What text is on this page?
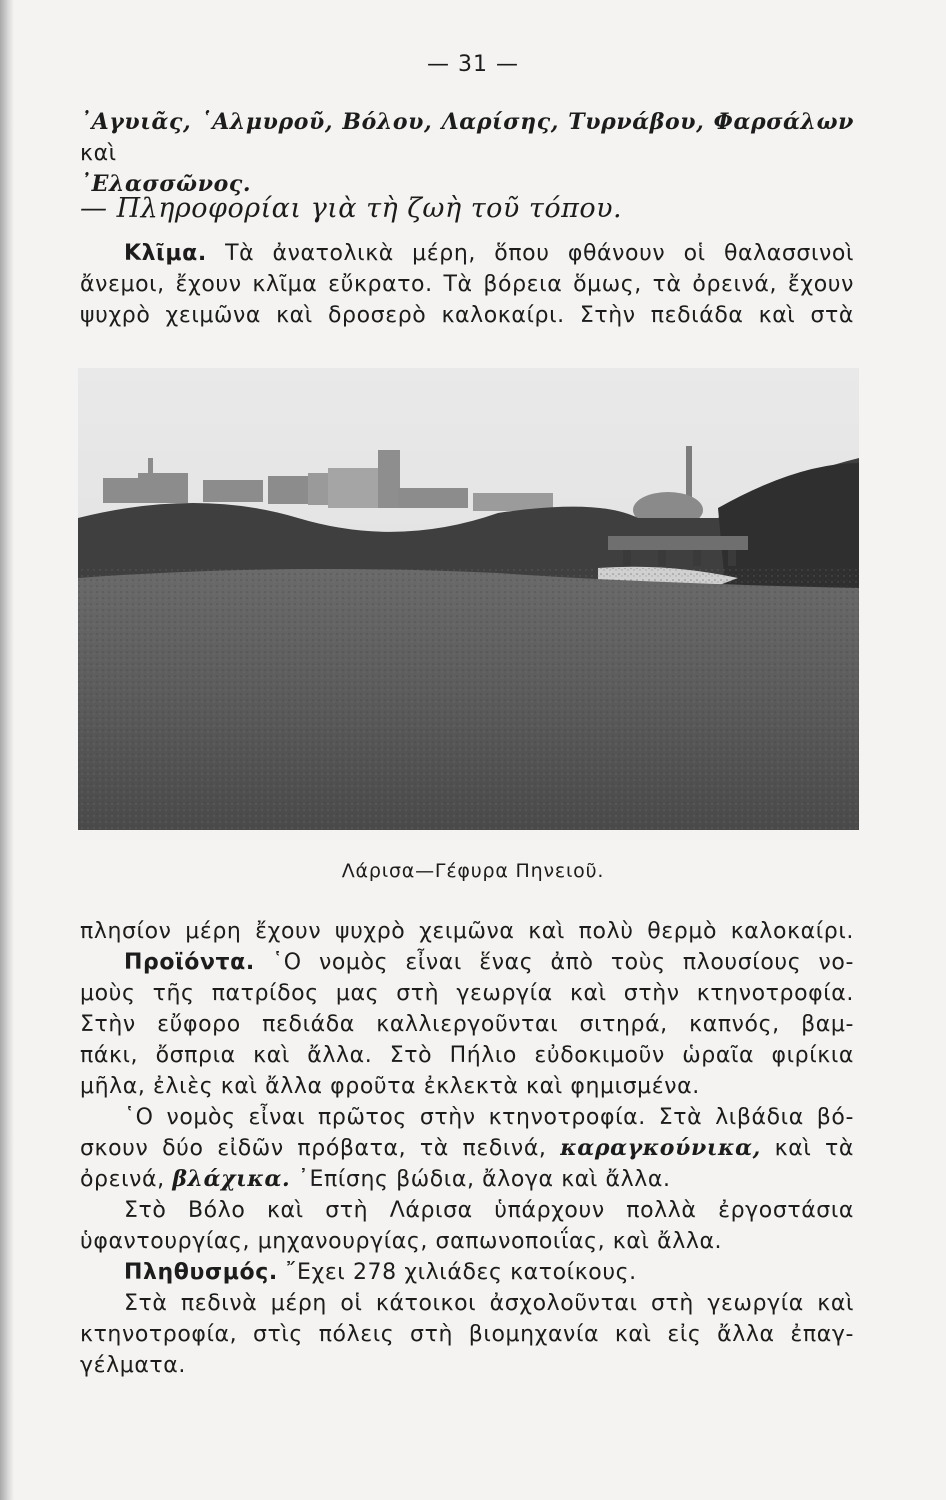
— 31 —
᾿Αγυιᾶς, ῾Αλμυροῦ, Βόλου, Λαρίσης, Τυρνάβου, Φαρσάλων καὶ
᾿Ελασσῶνος.
— Πληροφορίαι γιὰ τὴ ζωὴ τοῦ τόπου.
Κλῖμα. Τὰ ἀνατολικὰ μέρη, ὅπου φθάνουν οἱ θαλασσινοὶ
ἄνεμοι, ἔχουν κλῖμα εὔκρατο. Τὰ βόρεια ὅμως, τὰ ὀρεινά, ἔχουν
ψυχρὸ χειμῶνα καὶ δροσερὸ καλοκαίρι. Στὴν πεδιάδα καὶ στὰ
Λάρισα—Γέφυρα Πηνειοῦ.
πλησίον μέρη ἔχουν ψυχρὸ χειμῶνα καὶ πολὺ θερμὸ καλοκαίρι.
Προϊόντα. ῾Ο νομὸς εἶναι ἕνας ἀπὸ τοὺς πλουσίους νο-
μοὺς τῆς πατρίδος μας στὴ γεωργία καὶ στὴν κτηνοτροφία.
Στὴν εὔφορο πεδιάδα καλλιεργοῦνται σιτηρά, καπνός, βαμ-
πάκι, ὄσπρια καὶ ἄλλα. Στὸ Πήλιο εὐδοκιμοῦν ὡραῖα φιρίκια
μῆλα, ἐλιὲς καὶ ἄλλα φροῦτα ἐκλεκτὰ καὶ φημισμένα.
῾Ο νομὸς εἶναι πρῶτος στὴν κτηνοτροφία. Στὰ λιβάδια βό-
σκουν δύο εἰδῶν πρόβατα, τὰ πεδινά, καραγκούνικα, καὶ τὰ
ὀρεινά, βλάχικα. ᾿Επίσης βώδια, ἄλογα καὶ ἄλλα.
Στὸ Βόλο καὶ στὴ Λάρισα ὑπάρχουν πολλὰ ἐργοστάσια
ὑφαντουργίας, μηχανουργίας, σαπωνοποιΐας, καὶ ἄλλα.
Πληθυσμός. ῎Εχει 278 χιλιάδες κατοίκους.
Στὰ πεδινὰ μέρη οἱ κάτοικοι ἀσχολοῦνται στὴ γεωργία καὶ
κτηνοτροφία, στὶς πόλεις στὴ βιομηχανία καὶ εἰς ἄλλα ἐπαγ-
γέλματα.
